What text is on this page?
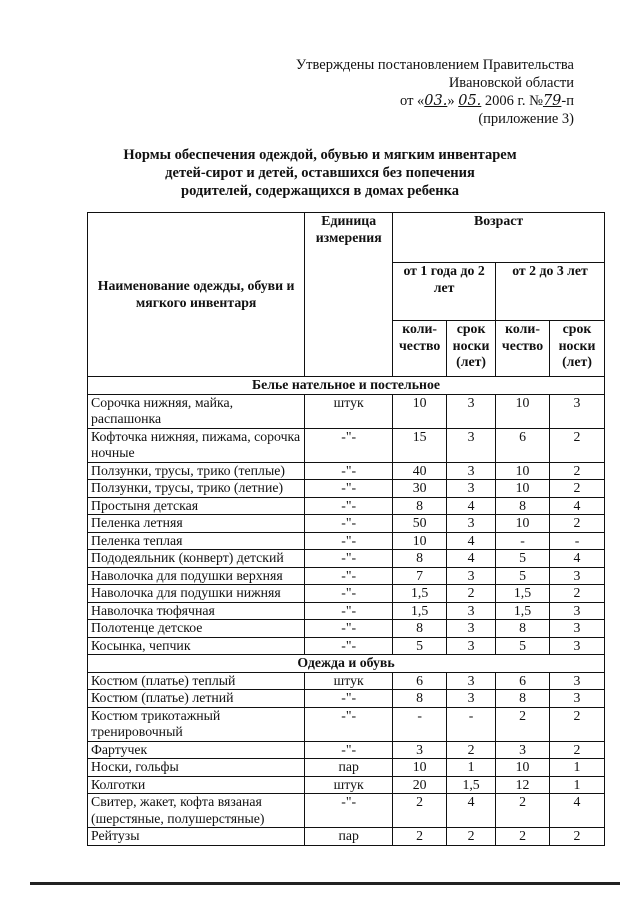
Утверждены постановлением Правительства
Ивановской области
от «03.» 05. 2006 г. №79-п
(приложение 3)
Нормы обеспечения одеждой, обувью и мягким инвентарем
детей-сирот и детей, оставшихся без попечения
родителей, содержащихся в домах ребенка
Наименование одежды, обуви и мягкого инвентаря	Единица измерения	Возраст			
		от 1 года до 2 лет		от 2 до 3 лет	
		коли-чество	срок носки (лет)	коли-чество	срок носки (лет)
Белье нательное и постельное					
Сорочка нижняя, майка, распашонка	штук	10	3	10	3
Кофточка нижняя, пижама, сорочка ночные	-"-	15	3	6	2
Ползунки, трусы, трико (теплые)	-"-	40	3	10	2
Ползунки, трусы, трико (летние)	-"-	30	3	10	2
Простыня детская	-"-	8	4	8	4
Пеленка летняя	-"-	50	3	10	2
Пеленка теплая	-"-	10	4	-	-
Пододеяльник (конверт) детский	-"-	8	4	5	4
Наволочка для подушки верхняя	-"-	7	3	5	3
Наволочка для подушки нижняя	-"-	1,5	2	1,5	2
Наволочка тюфячная	-"-	1,5	3	1,5	3
Полотенце детское	-"-	8	3	8	3
Косынка, чепчик	-"-	5	3	5	3
Одежда и обувь					
Костюм (платье) теплый	штук	6	3	6	3
Костюм (платье) летний	-"-	8	3	8	3
Костюм трикотажный тренировочный	-"-	-	-	2	2
Фартучек	-"-	3	2	3	2
Носки, гольфы	пар	10	1	10	1
Колготки	штук	20	1,5	12	1
Свитер, жакет, кофта вязаная (шерстяные, полушерстяные)	-"-	2	4	2	4
Рейтузы	пар	2	2	2	2
